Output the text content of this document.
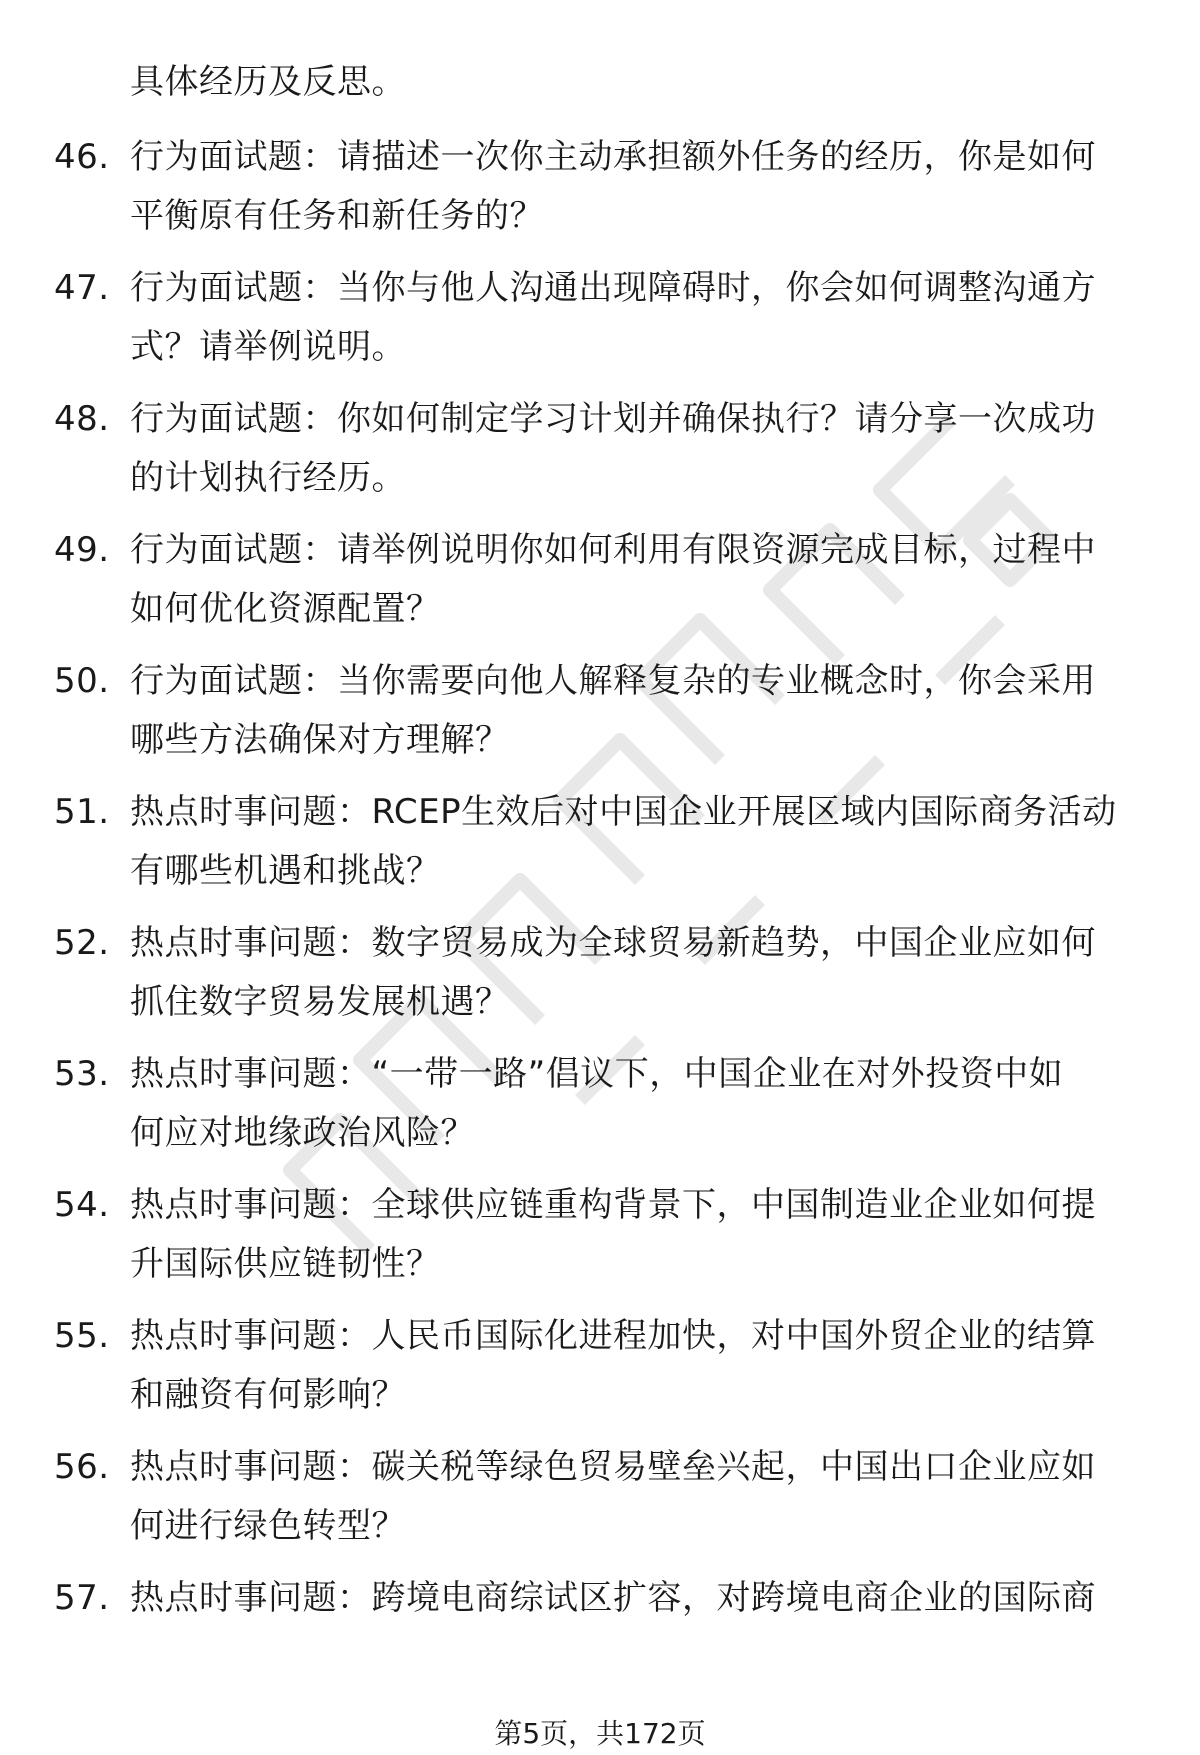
具体经历及反思。
46. 行为面试题：请描述一次你主动承担额外任务的经历，你是如何
平衡原有任务和新任务的？
47. 行为面试题：当你与他人沟通出现障碍时，你会如何调整沟通方
式？请举例说明。
48. 行为面试题：你如何制定学习计划并确保执行？请分享一次成功
的计划执行经历。
49. 行为面试题：请举例说明你如何利用有限资源完成目标，过程中
如何优化资源配置？
50. 行为面试题：当你需要向他人解释复杂的专业概念时，你会采用
哪些方法确保对方理解？
51. 热点时事问题：RCEP生效后对中国企业开展区域内国际商务活动
有哪些机遇和挑战？
52. 热点时事问题：数字贸易成为全球贸易新趋势，中国企业应如何
抓住数字贸易发展机遇？
53. 热点时事问题：“一带一路”倡议下，中国企业在对外投资中如
何应对地缘政治风险？
54. 热点时事问题：全球供应链重构背景下，中国制造业企业如何提
升国际供应链韧性？
55. 热点时事问题：人民币国际化进程加快，对中国外贸企业的结算
和融资有何影响？
56. 热点时事问题：碳关税等绿色贸易壁垒兴起，中国出口企业应如
何进行绿色转型？
57. 热点时事问题：跨境电商综试区扩容，对跨境电商企业的国际商
第5页，共172页
